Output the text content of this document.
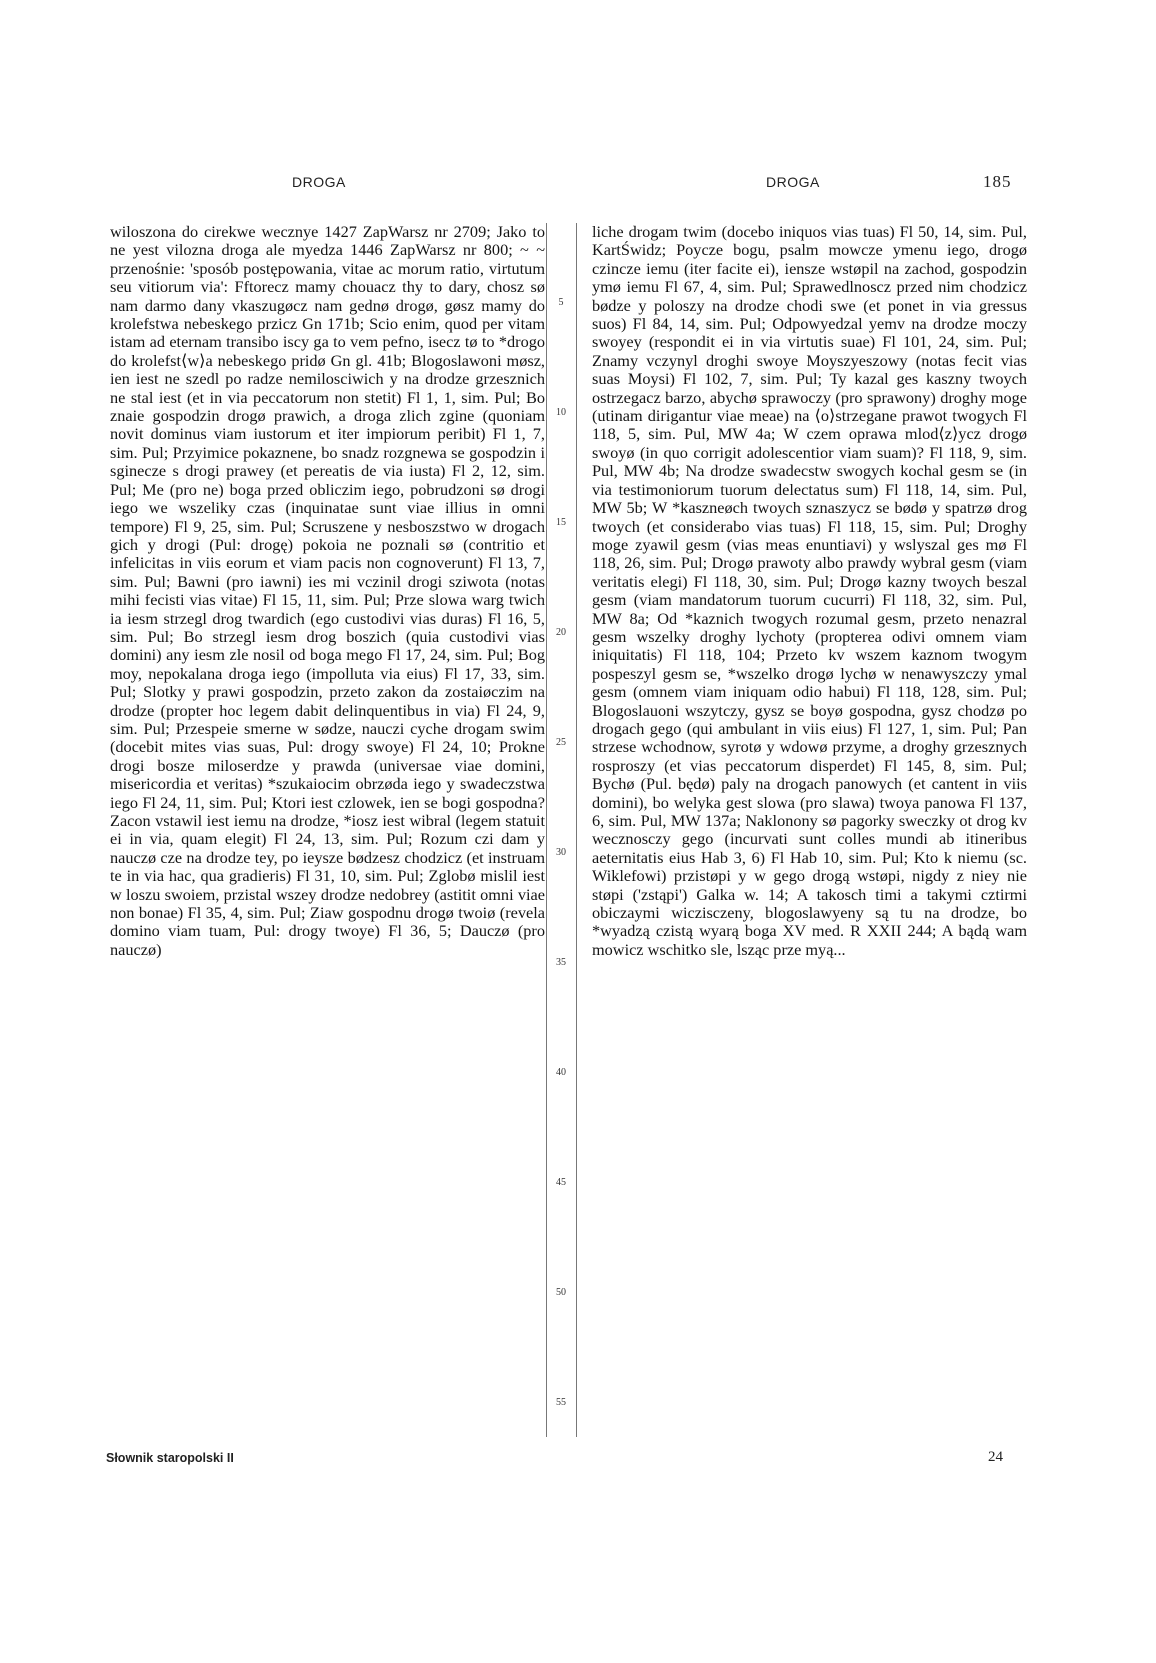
DROGA	DROGA	185

wiloszona do cirekwe wecznye 1427 ZapWarsz nr 2709; Jako to ne yest vilozna droga ale myedza 1446 ZapWarsz nr 800; ~ ~ przenośnie: 'sposób postępowania, vitae ac morum ratio, virtutum seu vitiorum via': Fftorecz mamy chouacz thy to dary, chosz sø nam darmo dany vkaszugøcz nam gednø drogø, gøsz mamy do krolefstwa nebeskego przicz Gn 171b; Scio enim, quod per vitam istam ad eternam transibo iscy ga to vem pefno, isecz tø to *drogo do krolefst⟨w⟩a nebeskego pridø Gn gl. 41b; Blogoslawoni møsz, ien iest ne szedl po radze nemilosciwich y na drodze grzesznich ne stal iest (et in via peccatorum non stetit) Fl 1, 1, sim. Pul; Bo znaie gospodzin drogø prawich, a droga zlich zgine (quoniam novit dominus viam iustorum et iter impiorum peribit) Fl 1, 7, sim. Pul; Przyimice pokaznene, bo snadz rozgnewa se gospodzin i sginecze s drogi prawey (et pereatis de via iusta) Fl 2, 12, sim. Pul; Me (pro ne) boga przed obliczim iego, pobrudzoni sø drogi iego we wszeliky czas (inquinatae sunt viae illius in omni tempore) Fl 9, 25, sim. Pul; Scruszene y nesboszstwo w drogach gich y drogi (Pul: drogę) pokoia ne poznali sø (contritio et infelicitas in viis eorum et viam pacis non cognoverunt) Fl 13, 7, sim. Pul; Bawni (pro iawni) ies mi vczinil drogi sziwota (notas mihi fecisti vias vitae) Fl 15, 11, sim. Pul; Prze slowa warg twich ia iesm strzegl drog twardich (ego custodivi vias duras) Fl 16, 5, sim. Pul; Bo strzegl iesm drog boszich (quia custodivi vias domini) any iesm zle nosil od boga mego Fl 17, 24, sim. Pul; Bog moy, nepokalana droga iego (impolluta via eius) Fl 17, 33, sim. Pul; Slotky y prawi gospodzin, przeto zakon da zostaiøczim na drodze (propter hoc legem dabit delinquentibus in via) Fl 24, 9, sim. Pul; Przespeie smerne w sødze, nauczi cyche drogam swim (docebit mites vias suas, Pul: drogy swoye) Fl 24, 10; Prokne drogi bosze miloserdze y prawda (universae viae domini, misericordia et veritas) *szukaiocim obrzøda iego y swadeczstwa iego Fl 24, 11, sim. Pul; Ktori iest czlowek, ien se bogi gospodna? Zacon vstawil iest iemu na drodze, *iosz iest wibral (legem statuit ei in via, quam elegit) Fl 24, 13, sim. Pul; Rozum czi dam y nauczø cze na drodze tey, po ieysze bødzesz chodzicz (et instruam te in via hac, qua gradieris) Fl 31, 10, sim. Pul; Zglobø mislil iest w loszu swoiem, przistal wszey drodze nedobrey (astitit omni viae non bonae) Fl 35, 4, sim. Pul; Ziaw gospodnu drogø twoiø (revela domino viam tuam, Pul: drogy twoye) Fl 36, 5; Dauczø (pro nauczø)

5
10
15
20
25
30
35
40
45
50
55

liche drogam twim (docebo iniquos vias tuas) Fl 50, 14, sim. Pul, KartŚwidz; Poycze bogu, psalm mowcze ymenu iego, drogø czincze iemu (iter facite ei), iensze wstøpil na zachod, gospodzin ymø iemu Fl 67, 4, sim. Pul; Sprawedlnoscz przed nim chodzicz bødze y poloszy na drodze chodi swe (et ponet in via gressus suos) Fl 84, 14, sim. Pul; Odpowyedzal yemv na drodze moczy swoyey (respondit ei in via virtutis suae) Fl 101, 24, sim. Pul; Znamy vczynyl droghi swoye Moyszyeszowy (notas fecit vias suas Moysi) Fl 102, 7, sim. Pul; Ty kazal ges kaszny twoych ostrzegacz barzo, abychø sprawoczy (pro sprawony) droghy moge (utinam dirigantur viae meae) na ⟨o⟩strzegane prawot twogych Fl 118, 5, sim. Pul, MW 4a; W czem oprawa mlod⟨z⟩ycz drogø swoyø (in quo corrigit adolescentior viam suam)? Fl 118, 9, sim. Pul, MW 4b; Na drodze swadecstw swogych kochal gesm se (in via testimoniorum tuorum delectatus sum) Fl 118, 14, sim. Pul, MW 5b; W *kaszneøch twoych sznaszycz se bødø y spatrzø drog twoych (et considerabo vias tuas) Fl 118, 15, sim. Pul; Droghy moge zyawil gesm (vias meas enuntiavi) y wslyszal ges mø Fl 118, 26, sim. Pul; Drogø prawoty albo prawdy wybral gesm (viam veritatis elegi) Fl 118, 30, sim. Pul; Drogø kazny twoych beszal gesm (viam mandatorum tuorum cucurri) Fl 118, 32, sim. Pul, MW 8a; Od *kaznich twogych rozumal gesm, przeto nenazral gesm wszelky droghy lychoty (propterea odivi omnem viam iniquitatis) Fl 118, 104; Przeto kv wszem kaznom twogym pospeszyl gesm se, *wszelko drogø lychø w nenawyszczy ymal gesm (omnem viam iniquam odio habui) Fl 118, 128, sim. Pul; Blogoslauoni wszytczy, gysz se boyø gospodna, gysz chodzø po drogach gego (qui ambulant in viis eius) Fl 127, 1, sim. Pul; Pan strzese wchodnow, syrotø y wdowø przyme, a droghy grzesznych rosproszy (et vias peccatorum disperdet) Fl 145, 8, sim. Pul; Bychø (Pul. będø) paly na drogach panowych (et cantent in viis domini), bo welyka gest slowa (pro slawa) twoya panowa Fl 137, 6, sim. Pul, MW 137a; Naklonony sø pagorky sweczky ot drog kv wecznosczy gego (incurvati sunt colles mundi ab itineribus aeternitatis eius Hab 3, 6) Fl Hab 10, sim. Pul; Kto k niemu (sc. Wiklefowi) przistøpi y w gego drogą wstøpi, nigdy z niey nie støpi ('zstąpi') Galka w. 14; A takosch timi a takymi cztirmi obiczaymi wiczisczeny, blogoslawyeny są tu na drodze, bo *wyadzą czistą wyarą boga XV med. R XXII 244; A bądą wam mowicz wschitko sle, lsząc prze myą...

Słownik staropolski II	24
